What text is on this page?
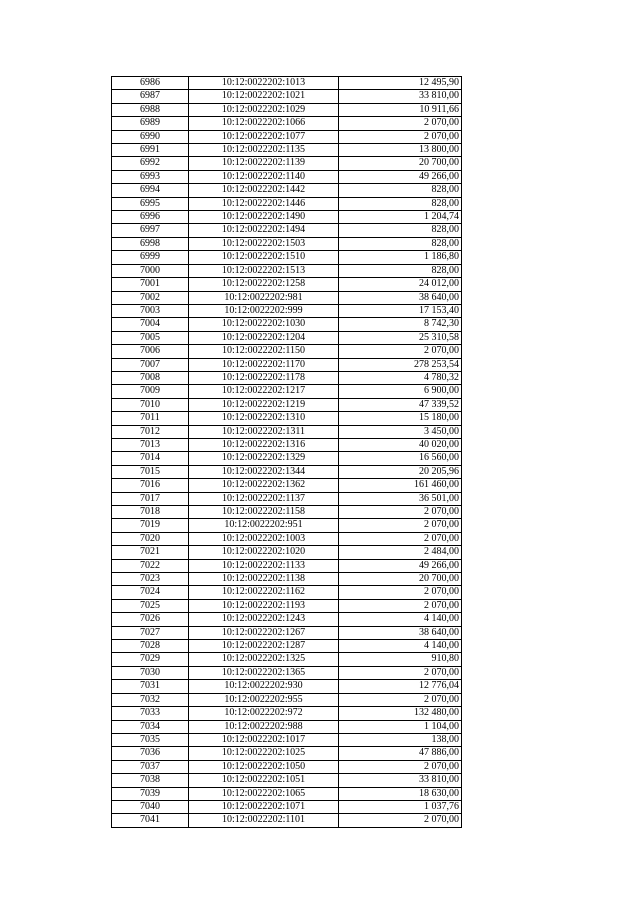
6986	10:12:0022202:1013	12 495,90
6987	10:12:0022202:1021	33 810,00
6988	10:12:0022202:1029	10 911,66
6989	10:12:0022202:1066	2 070,00
6990	10:12:0022202:1077	2 070,00
6991	10:12:0022202:1135	13 800,00
6992	10:12:0022202:1139	20 700,00
6993	10:12:0022202:1140	49 266,00
6994	10:12:0022202:1442	828,00
6995	10:12:0022202:1446	828,00
6996	10:12:0022202:1490	1 204,74
6997	10:12:0022202:1494	828,00
6998	10:12:0022202:1503	828,00
6999	10:12:0022202:1510	1 186,80
7000	10:12:0022202:1513	828,00
7001	10:12:0022202:1258	24 012,00
7002	10:12:0022202:981	38 640,00
7003	10:12:0022202:999	17 153,40
7004	10:12:0022202:1030	8 742,30
7005	10:12:0022202:1204	25 310,58
7006	10:12:0022202:1150	2 070,00
7007	10:12:0022202:1170	278 253,54
7008	10:12:0022202:1178	4 780,32
7009	10:12:0022202:1217	6 900,00
7010	10:12:0022202:1219	47 339,52
7011	10:12:0022202:1310	15 180,00
7012	10:12:0022202:1311	3 450,00
7013	10:12:0022202:1316	40 020,00
7014	10:12:0022202:1329	16 560,00
7015	10:12:0022202:1344	20 205,96
7016	10:12:0022202:1362	161 460,00
7017	10:12:0022202:1137	36 501,00
7018	10:12:0022202:1158	2 070,00
7019	10:12:0022202:951	2 070,00
7020	10:12:0022202:1003	2 070,00
7021	10:12:0022202:1020	2 484,00
7022	10:12:0022202:1133	49 266,00
7023	10:12:0022202:1138	20 700,00
7024	10:12:0022202:1162	2 070,00
7025	10:12:0022202:1193	2 070,00
7026	10:12:0022202:1243	4 140,00
7027	10:12:0022202:1267	38 640,00
7028	10:12:0022202:1287	4 140,00
7029	10:12:0022202:1325	910,80
7030	10:12:0022202:1365	2 070,00
7031	10:12:0022202:930	12 776,04
7032	10:12:0022202:955	2 070,00
7033	10:12:0022202:972	132 480,00
7034	10:12:0022202:988	1 104,00
7035	10:12:0022202:1017	138,00
7036	10:12:0022202:1025	47 886,00
7037	10:12:0022202:1050	2 070,00
7038	10:12:0022202:1051	33 810,00
7039	10:12:0022202:1065	18 630,00
7040	10:12:0022202:1071	1 037,76
7041	10:12:0022202:1101	2 070,00
